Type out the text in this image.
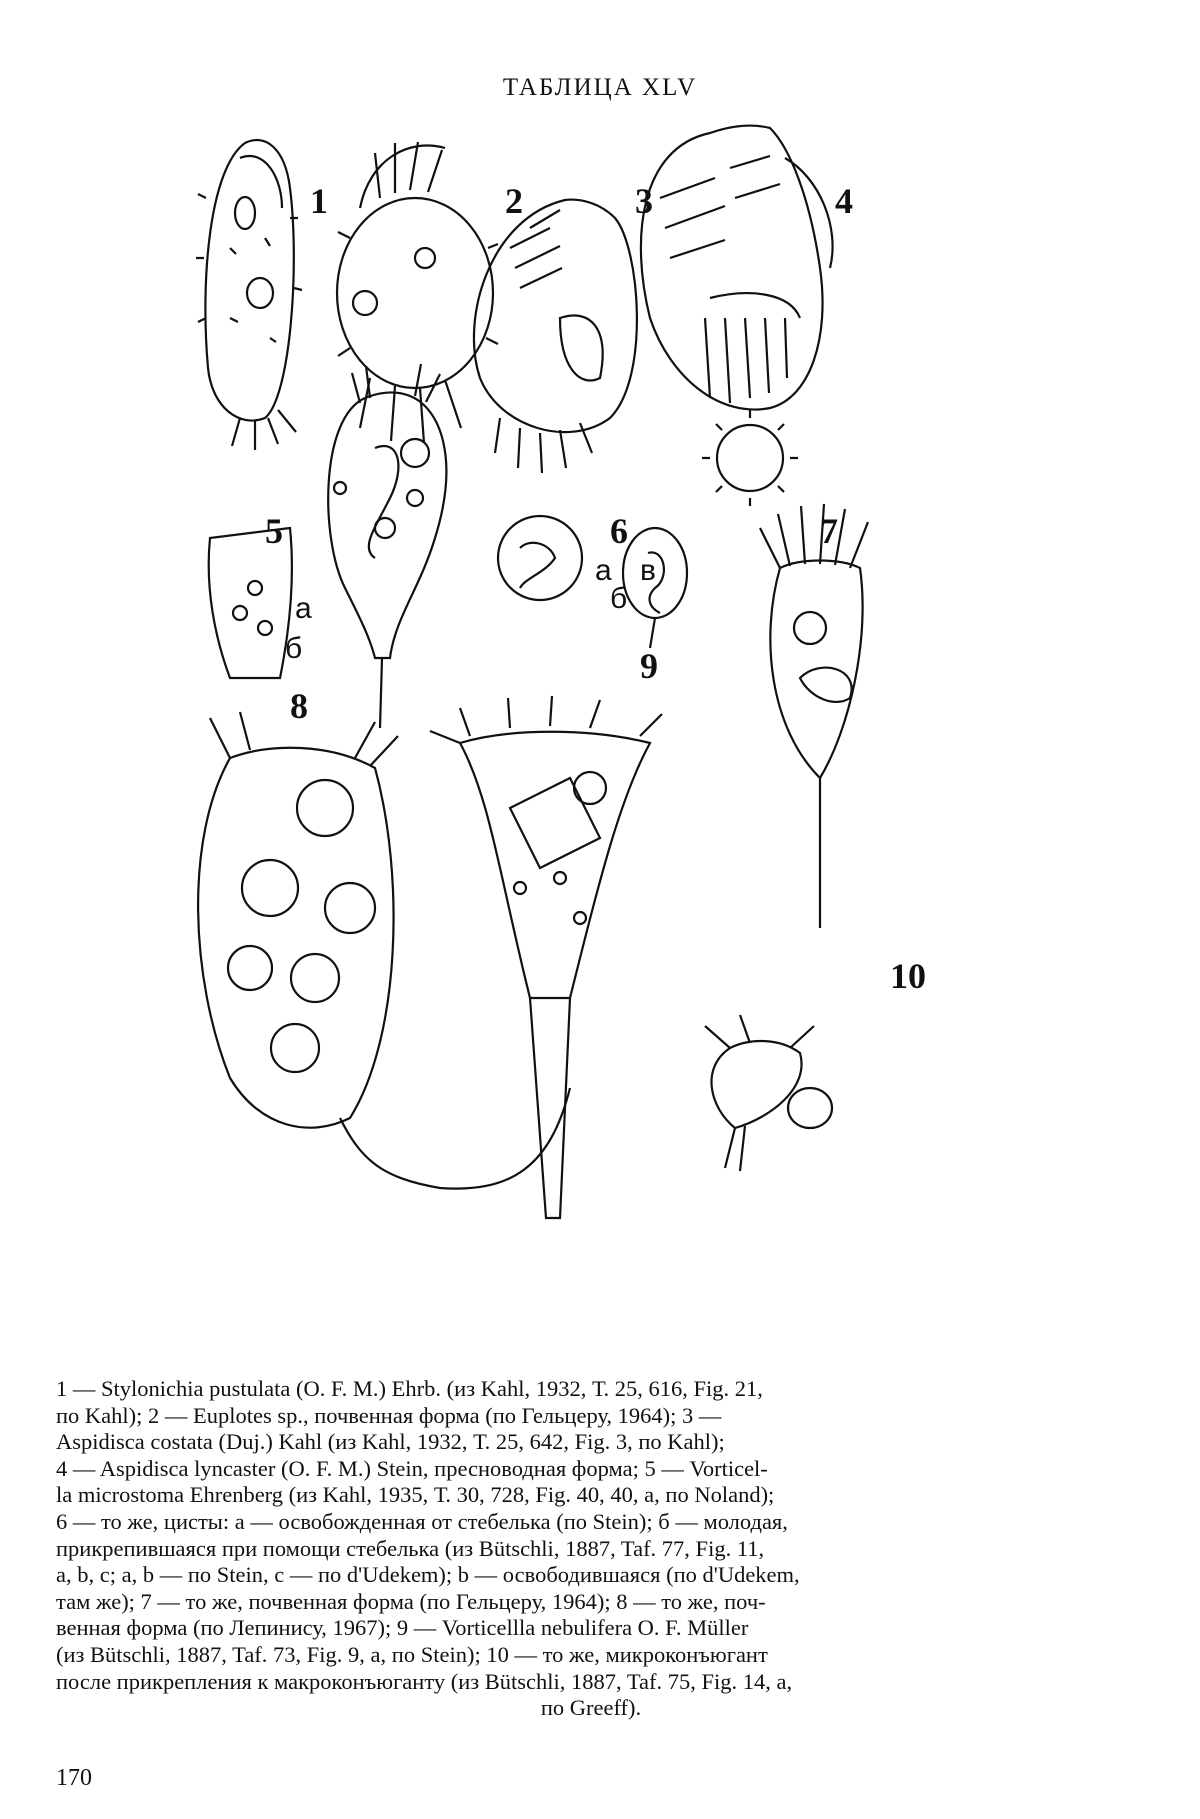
ТАБЛИЦА XLV
1	2	3	4
5
а
б
6
а
б
в
7
8
9
10

1 — Stylonichia pustulata (O. F. M.) Ehrb. (из Kahl, 1932, Т. 25, 616, Fig. 21,

по Kahl); 2 — Euplotes sp., почвенная форма (по Гельцеру, 1964); 3 —

Aspidisca costata (Duj.) Kahl (из Kahl, 1932, Т. 25, 642, Fig. 3, по Kahl);

4 — Aspidisca lyncaster (O. F. M.) Stein, пресноводная форма; 5 — Vorticel-

la microstoma Ehrenberg (из Kahl, 1935, Т. 30, 728, Fig. 40, 40, а, по Noland);

6 — то же, цисты: а — освобожденная от стебелька (по Stein); б — молодая,

прикрепившаяся при помощи стебелька (из Bütschli, 1887, Taf. 77, Fig. 11,

а, b, с; а, b — по Stein, с — по d'Udekem); b — освободившаяся (по d'Udekem,

там же); 7 — то же, почвенная форма (по Гельцеру, 1964); 8 — то же, поч-

венная форма (по Лепинису, 1967); 9 — Vorticellla nebulifera O. F. Müller

(из Bütschli, 1887, Taf. 73, Fig. 9, а, по Stein); 10 — то же, микроконъюгант

после прикрепления к макроконъюганту (из Bütschli, 1887, Taf. 75, Fig. 14, а,

по Greeff).

170
